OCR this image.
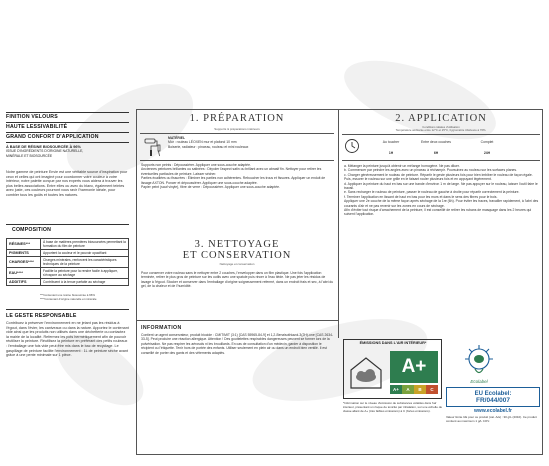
FINITION VELOURS
HAUTE LESSIVABILITÉ
GRAND CONFORT D'APPLICATION
À BASE DE RÉSINE BIOSOURCÉE À 96%
ISSUE D'INGRÉDIENTS D'ORIGINE NATURELLE,
MINÉRALE ET BIOSOURCÉE
Notre gamme de peinture Envie est une véritable source d'inspiration pour ceux et celles qui ont imaginé pour coordonner votre couleur à votre intérieur, notre palette conçue par nos experts vous aidera à trouver les plus belles associations. Entre elles ou avec du blanc, également teintes avec juste, ces couleurs pourront vous ravir l'harmonie idéale, pour combler tous les goûts et toutes les natures.
COMPOSITION
RÉSINES***	À base de matières premières biosourcées permettant la formation du film de peinture
PIGMENTS	Apportent la couleur et le pouvoir opacifiant
CHARGES****	Charges minérales, renforcent les caractéristiques techniques de la peinture
EAU****	Facilite la peinture pour la rendre facile à appliquer, s'évapore au séchage
ADDITIFS	Contribuent à la tenue parfaite au séchage
***Contenant une résine biosourcée à 96%
****Contenant d'origine naturelle et minérale
LE GESTE RESPONSABLE
Contribuez à préserver l'environnement en ne jetant pas les résidus à l'égout, dans l'évier, les caniveaux ou dans la nature. Apportez le contenant vide ainsi que les produits non utilisés dans une déchetterie ou contactez la mairie de la localité. Refermez les pots hermétiquement afin de pouvoir réutiliser la peinture. Réutilisez la peinture en préférant des petits rouleaux : l'emballage une fois vide peut être mis dans le bac de recyclage. Le gaspillage de peinture facilite l'environnement : 1L de peinture sèche avant grâce à une pente minimale sur 1 pièce.
1. PRÉPARATION
Supports & préparations intérieurs
MATÉRIEL
Mur : rouleau LÉOXEN mur et plafond 10 mm
Boiserie, radiateur : pinceau, rouleau et mini rouleaux
Supports non peints : Dépoussiérer. Appliquer une sous-couche adaptée.
Anciennes peintures brillantes ou satinées : Dépoler l'aspect satin ou brillant avec un abrasif fin. Nettoyer pour retirer les éventuelles particules de peinture. Laisser sécher.
Parties écaillées ou fissurées : Éliminer les parties non adhérentes. Reboucher les trous et fissures. Appliquer un enduit de lissage AXTON. Poncer et dépoussiérer. Appliquer une sous-couche adaptée.
Papier peint (sauf vinyle), fibre de verre : Dépoussiérer. Appliquer une sous-couche adaptée.
3. NETTOYAGE
ET CONSERVATION
Nettoyage et conservation
Pour conserver votre rouleau sans le nettoyer entre 2 couches, l'envelopper dans un film plastique. Une fois l'application terminée, retirer le plus gros de peinture sur les outils avec une spatule puis rincer à l'eau tiède. Ne pas jeter les résidus de lavage à l'égout. Stocker et conserver dans l'emballage d'origine soigneusement refermé, dans un endroit frais et sec, à l'abri du gel, de la chaleur et de l'humidité.
INFORMATION
Contient un agent conservateur, produit biocide : CMIT/MIT (3:1) [CAS 55965-84-9] et 1,2-Benzisothiazol-3(2H)-one [CAS 2634-33-5]. Peut produire une réaction allergique. Attention ! Des gouttelettes respirables dangereuses peuvent se former lors de la pulvérisation. Ne pas respirer les aérosols ni les brouillards. En cas de consultation d'un médecin, garder à disposition le récipient ou l'étiquette. Tenir hors de portée des enfants. Utiliser seulement en plein air ou dans un endroit bien ventilé. Il est conseillé de porter des gants et des vêtements adaptés.
2. APPLICATION
Conditions idéales d'utilisation
Température ambiante entre 12°C et 25°C, hygrométrie inférieure à 70%.
Au toucher	Entre deux couches	Complet
1H	6H	24H
a. Mélanger la peinture jusqu'à obtenir un mélange homogène. Ne pas diluer.
b. Commencer par peindre les angles avec un pinceau à réchampir. Poursuivez au rouleau sur les surfaces planes.
c. Charger généreusement le rouleau de peinture. Répartir le geste plusieurs fois pour bien imbiber le rouleau de façon égale. Puis, essorer le rouleau sur une grille en le faisant rouler plusieurs fois et en appuyant légèrement.
d. Appliquer la peinture du haut en bas sur une bande d'environ 1 m de large. Ne pas appuyer sur le rouleau, laisser l'outil faire le travail.
e. Sans recharger le rouleau de peinture, passer le rouleau de gauche à droite pour répartir correctement la peinture.
f. Terminer l'application en lissant de haut en bas pour les murs et dans le sens des fibres pour le bois.
Appliquer une 2e couche de la même façon après séchage de la 1re (6h). Pour éviter les traces, travailler rapidement, à l'abri des courants d'air et ne pas revenir sur les zones en cours de séchage.
Afin d'éviter tout risque d'arrachement de la peinture, il est conseillé de retirer les rubans de masquage dans les 2 heures qui suivent l'application.
ÉMISSIONS DANS L'AIR INTÉRIEUR*
A+
A+	A	B	C
*Information sur le niveau d'émission de substances volatiles dans l'air intérieur, présentant un risque de toxicité par inhalation, sur une échelle de classe allant de A+ (très faibles émissions) à C (fortes émissions).
Ecolabel
EU Ecolabel:
FR/044/007
www.ecolabel.fr
Valeur limite UE pour ce produit (cat. A/a) : 30 g/L (2010). Ce produit contient au maximum 1 g/L COV.
